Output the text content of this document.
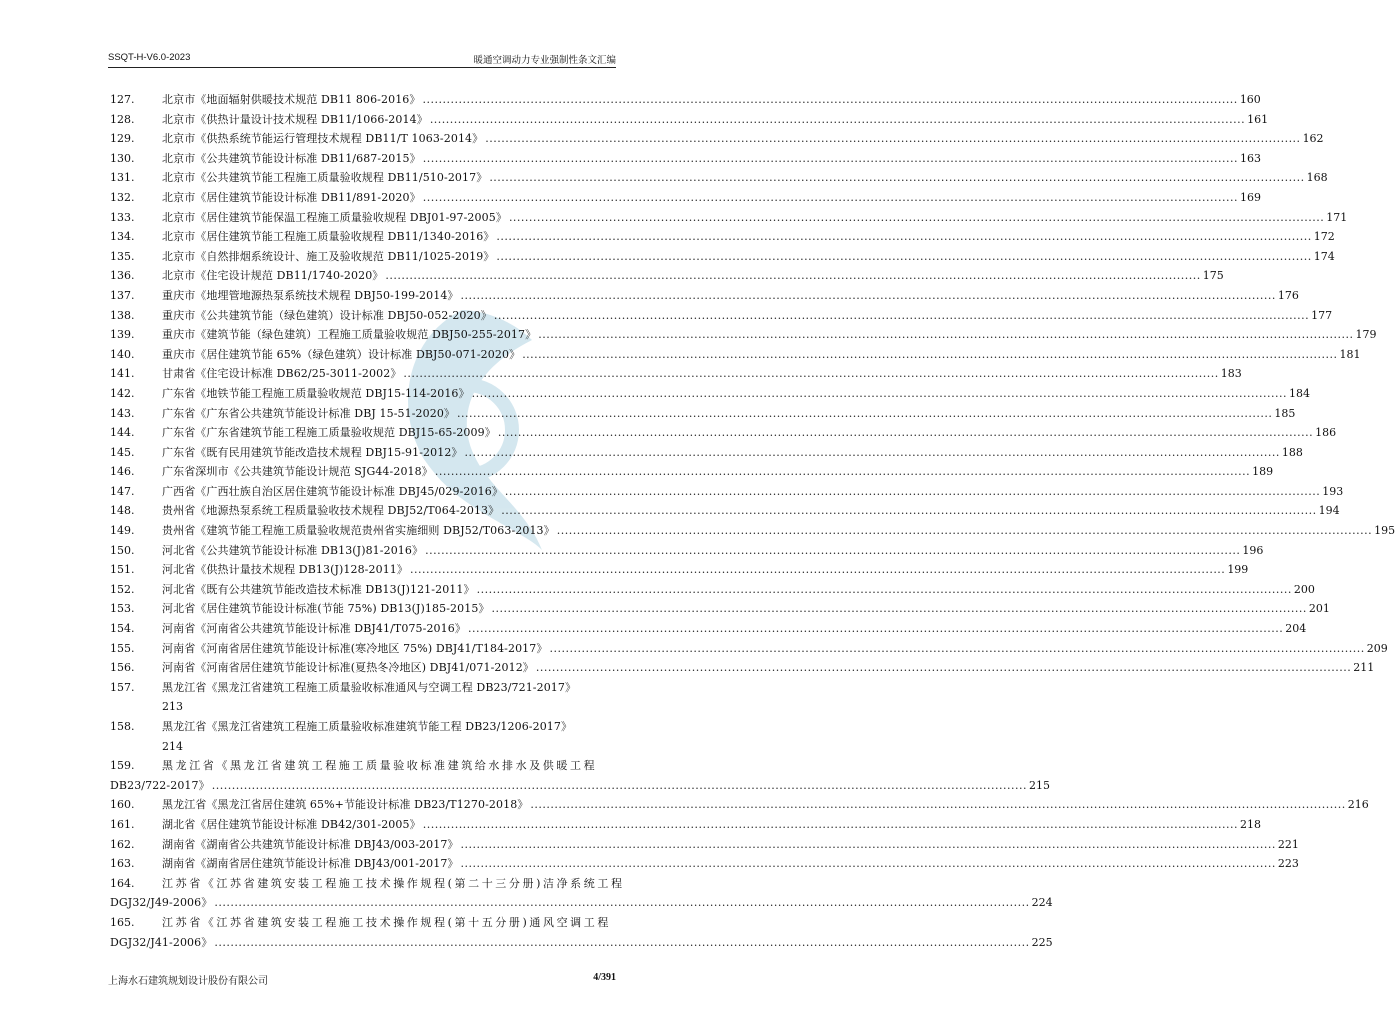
SSQT-H-V6.0-2023	暖通空调动力专业强制性条文汇编
127.	北京市《地面辐射供暖技术规范 DB11 806-2016》 .....	160
128.	北京市《供热计量设计技术规程 DB11/1066-2014》 .....	161
129.	北京市《供热系统节能运行管理技术规程 DB11/T 1063-2014》 .....	162
130.	北京市《公共建筑节能设计标准 DB11/687-2015》 .....	163
131.	北京市《公共建筑节能工程施工质量验收规程 DB11/510-2017》 .....	168
132.	北京市《居住建筑节能设计标准 DB11/891-2020》 .....	169
133.	北京市《居住建筑节能保温工程施工质量验收规程 DBJ01-97-2005》 .....	171
134.	北京市《居住建筑节能工程施工质量验收规程 DB11/1340-2016》 .....	172
135.	北京市《自然排烟系统设计、施工及验收规范 DB11/1025-2019》 .....	174
136.	北京市《住宅设计规范 DB11/1740-2020》 .....	175
137.	重庆市《地埋管地源热泵系统技术规程 DBJ50-199-2014》 .....	176
138.	重庆市《公共建筑节能（绿色建筑）设计标准 DBJ50-052-2020》 .....	177
139.	重庆市《建筑节能（绿色建筑）工程施工质量验收规范 DBJ50-255-2017》 .....	179
140.	重庆市《居住建筑节能 65%（绿色建筑）设计标准 DBJ50-071-2020》 .....	181
141.	甘肃省《住宅设计标准 DB62/25-3011-2002》 .....	183
142.	广东省《地铁节能工程施工质量验收规范 DBJ15-114-2016》 .....	184
143.	广东省《广东省公共建筑节能设计标准 DBJ 15-51-2020》 .....	185
144.	广东省《广东省建筑节能工程施工质量验收规范 DBJ15-65-2009》 .....	186
145.	广东省《既有民用建筑节能改造技术规程 DBJ15-91-2012》 .....	188
146.	广东省深圳市《公共建筑节能设计规范 SJG44-2018》 .....	189
147.	广西省《广西壮族自治区居住建筑节能设计标准 DBJ45/029-2016》 .....	193
148.	贵州省《地源热泵系统工程质量验收技术规程 DBJ52/T064-2013》 .....	194
149.	贵州省《建筑节能工程施工质量验收规范贵州省实施细则 DBJ52/T063-2013》 .....	195
150.	河北省《公共建筑节能设计标准 DB13(J)81-2016》 .....	196
151.	河北省《供热计量技术规程 DB13(J)128-2011》 .....	199
152.	河北省《既有公共建筑节能改造技术标准 DB13(J)121-2011》 .....	200
153.	河北省《居住建筑节能设计标准(节能 75%) DB13(J)185-2015》 .....	201
154.	河南省《河南省公共建筑节能设计标准 DBJ41/T075-2016》 .....	204
155.	河南省《河南省居住建筑节能设计标准(寒冷地区 75%) DBJ41/T184-2017》 .....	209
156.	河南省《河南省居住建筑节能设计标准(夏热冬冷地区) DBJ41/071-2012》 .....	211
157.	黑龙江省《黑龙江省建筑工程施工质量验收标准通风与空调工程 DB23/721-2017》
213
158.	黑龙江省《黑龙江省建筑工程施工质量验收标准建筑节能工程 DB23/1206-2017》
214
159.	黑龙江省《黑龙江省建筑工程施工质量验收标准建筑给水排水及供暖工程
DB23/722-2017》 .....	215
160.	黑龙江省《黑龙江省居住建筑 65%+节能设计标准 DB23/T1270-2018》 .....	216
161.	湖北省《居住建筑节能设计标准 DB42/301-2005》 .....	218
162.	湖南省《湖南省公共建筑节能设计标准 DBJ43/003-2017》 .....	221
163.	湖南省《湖南省居住建筑节能设计标准 DBJ43/001-2017》 .....	223
164.	江苏省《江苏省建筑安装工程施工技术操作规程(第二十三分册)洁净系统工程
DGJ32/J49-2006》 .....	224
165.	江苏省《江苏省建筑安装工程施工技术操作规程(第十五分册)通风空调工程
DGJ32/J41-2006》 .....	225
上海水石建筑规划设计股份有限公司	4/391
